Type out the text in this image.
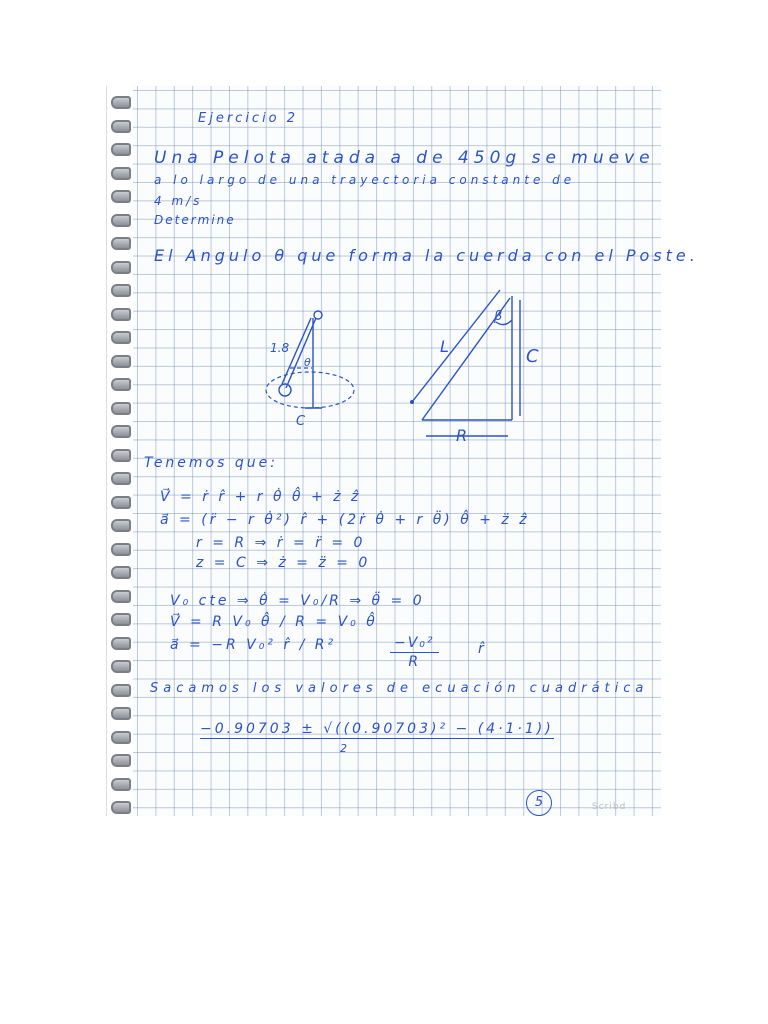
Ejercicio 2
Una Pelota atada a de 450g se mueve
a lo largo de una trayectoria constante de
4 m/s
Determine
El Angulo θ que forma la cuerda con el Poste.
1.8
θ
C
L
β
C
R
Tenemos que:
V⃗ = ṙ r̂ + r θ̇ θ̂ + ż ẑ
a⃗ = (r̈ − r θ̇²) r̂ + (2ṙ θ̇ + r θ̈) θ̂ + z̈ ẑ
r = R ⇒ ṙ = r̈ = 0
z = C ⇒ ż = z̈ = 0
V₀ cte ⇒ θ̇ = V₀/R ⇒ θ̈ = 0
V⃗ = R V₀ θ̂ / R = V₀ θ̂
a⃗ = −R V₀² r̂ / R²	$\frac{\text{−V₀²}}{R}$	r̂
Sacamos los valores de ecuación cuadrática
−0.90703 ± √((0.90703)² − (4·1·1))
2
5	Scribd
